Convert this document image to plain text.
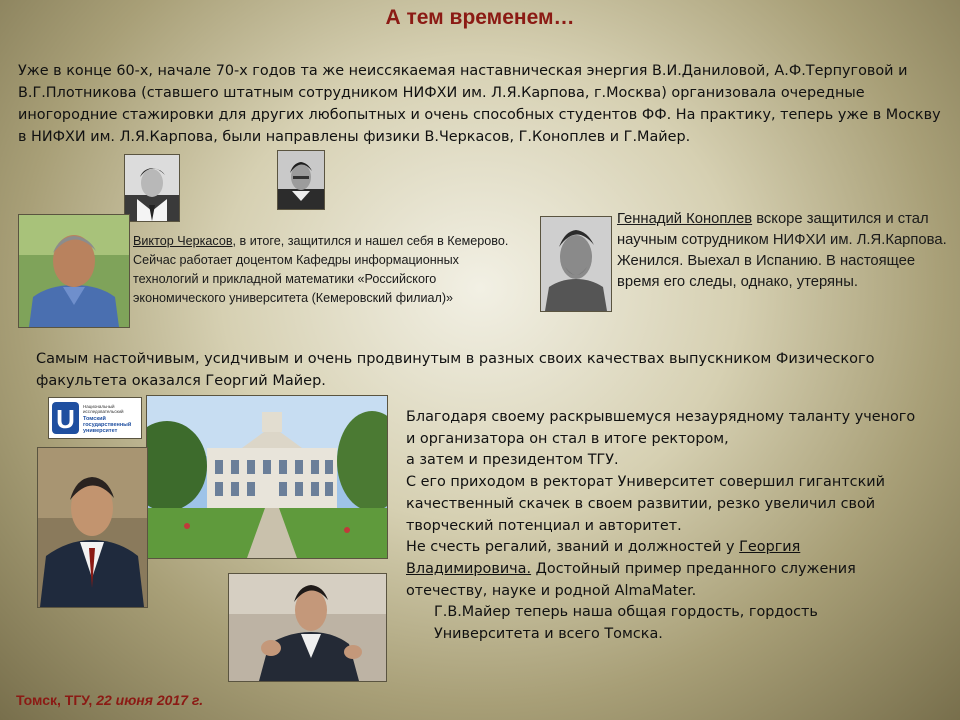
А тем временем…

Уже в конце 60-х, начале 70-х годов та же неиссякаемая наставническая энергия В.И.Даниловой, А.Ф.Терпуговой и В.Г.Плотникова (ставшего штатным сотрудником НИФХИ им. Л.Я.Карпова, г.Москва) организовала очередные иногородние стажировки для других любопытных и очень способных студентов ФФ. На практику, теперь уже в Москву в НИФХИ им. Л.Я.Карпова, были направлены физики В.Черкасов, Г.Коноплев и Г.Майер.

Виктор Черкасов, в итоге, защитился и нашел себя в Кемерово. Сейчас работает доцентом Кафедры информационных технологий и прикладной математики «Российского экономического университета (Кемеровский филиал)»

Геннадий Коноплев вскоре защитился и стал научным сотрудником НИФХИ им. Л.Я.Карпова. Женился. Выехал в Испанию. В настоящее время его следы, однако, утеряны.

Самым настойчивым, усидчивым и очень продвинутым в разных своих качествах выпускником Физического факультета оказался Георгий Майер.

U Национальный
исследовательский
Томский
государственный
университет

Благодаря своему раскрывшемуся незаурядному таланту ученого и организатора он стал в итоге ректором,

а затем и президентом ТГУ.

С его приходом в ректорат Университет совершил гигантский качественный скачек в своем развитии, резко увеличил свой творческий потенциал и авторитет.

Не счесть регалий, званий и должностей у Георгия Владимировича. Достойный пример преданного служения отечеству, науке и родной AlmaMater.

Г.В.Майер теперь наша общая гордость, гордость Университета и всего Томска.

Томск, ТГУ, 22 июня 2017 г.
